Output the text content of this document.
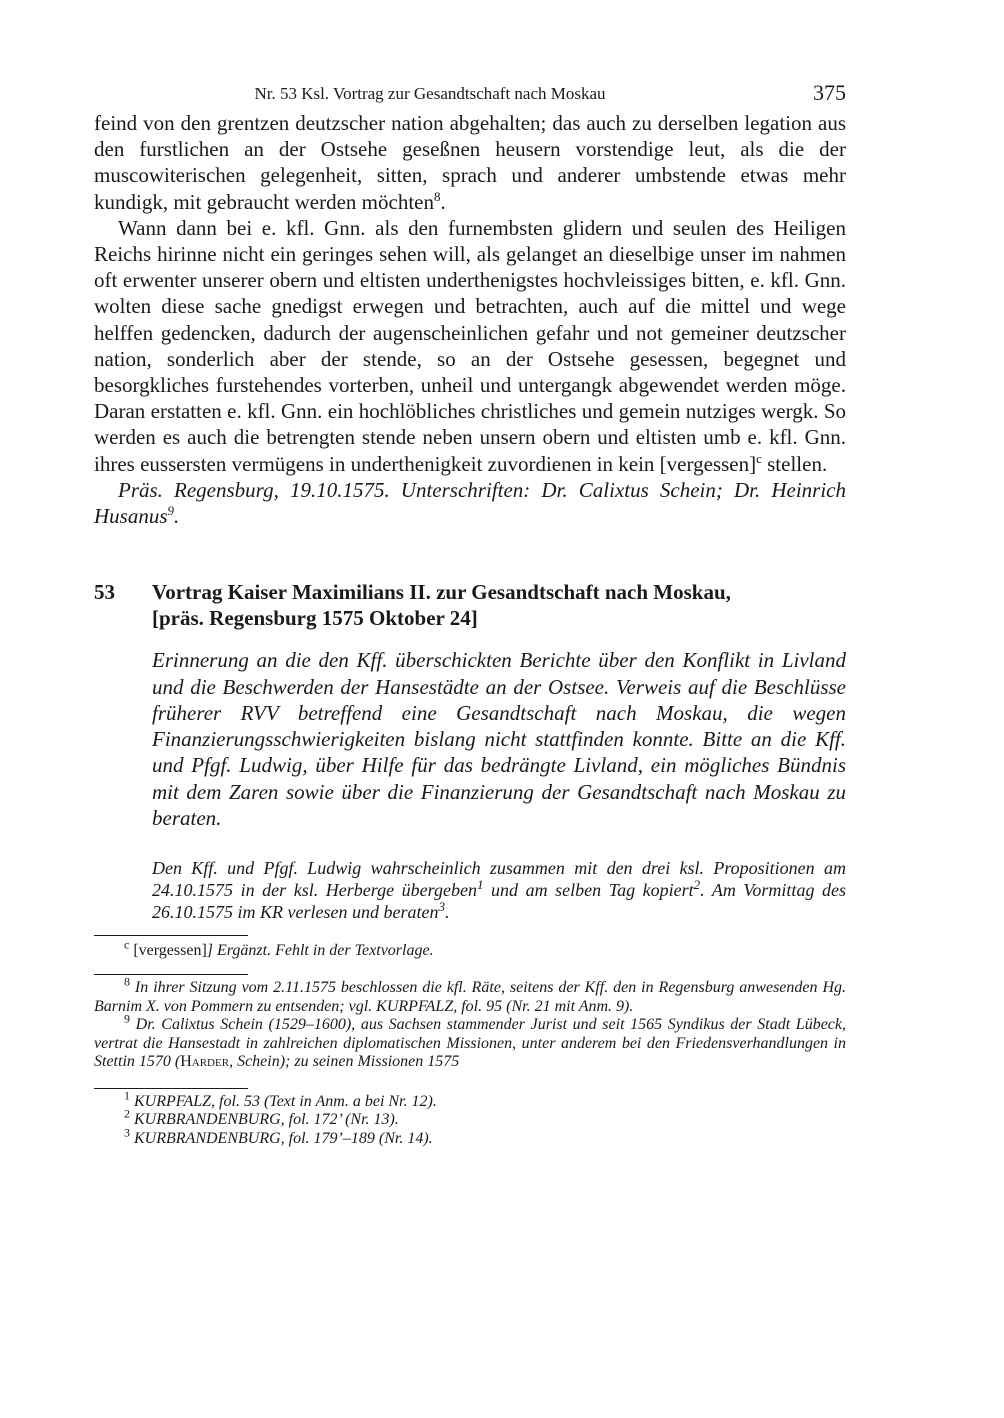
Nr. 53 Ksl. Vortrag zur Gesandtschaft nach Moskau	375

feind von den grentzen deutzscher nation abgehalten; das auch zu derselben legation aus den furstlichen an der Ostsehe geseßnen heusern vorstendige leut, als die der muscowiterischen gelegenheit, sitten, sprach und anderer umbstende etwas mehr kundigk, mit gebraucht werden möchten$^8$.

Wann dann bei e. kfl. Gnn. als den furnembsten glidern und seulen des Heiligen Reichs hirinne nicht ein geringes sehen will, als gelanget an dieselbige unser im nahmen oft erwenter unserer obern und eltisten underthenigstes hochvleissiges bitten, e. kfl. Gnn. wolten diese sache gnedigst erwegen und betrachten, auch auf die mittel und wege helffen gedencken, dadurch der augenscheinlichen gefahr und not gemeiner deutzscher nation, sonderlich aber der stende, so an der Ostsehe gesessen, begegnet und besorgkliches furstehendes vorterben, unheil und untergangk abgewendet werden möge. Daran erstatten e. kfl. Gnn. ein hochlöbliches christliches und gemein nutziges wergk. So werden es auch die betrengten stende neben unsern obern und eltisten umb e. kfl. Gnn. ihres eussersten vermügens in underthenigkeit zuvordienen in kein [vergessen]$^c$ stellen.

Präs. Regensburg, 19.10.1575. Unterschriften: Dr. Calixtus Schein; Dr. Heinrich Husanus$^9$.

53	Vortrag Kaiser Maximilians II. zur Gesandtschaft nach Moskau,
[präs. Regensburg 1575 Oktober 24]
Erinnerung an die den Kff. überschickten Berichte über den Konflikt in Livland und die Beschwerden der Hansestädte an der Ostsee. Verweis auf die Beschlüsse früherer RVV betreffend eine Gesandtschaft nach Moskau, die wegen Finanzierungsschwierigkeiten bislang nicht stattfinden konnte. Bitte an die Kff. und Pfgf. Ludwig, über Hilfe für das bedrängte Livland, ein mögliches Bündnis mit dem Zaren sowie über die Finanzierung der Gesandtschaft nach Moskau zu beraten.
Den Kff. und Pfgf. Ludwig wahrscheinlich zusammen mit den drei ksl. Propositionen am 24.10.1575 in der ksl. Herberge übergeben$^1$ und am selben Tag kopiert$^2$. Am Vormittag des 26.10.1575 im KR verlesen und beraten$^3$.

$^c$ [vergessen]] Ergänzt. Fehlt in der Textvorlage.

$^8$ In ihrer Sitzung vom 2.11.1575 beschlossen die kfl. Räte, seitens der Kff. den in Regensburg anwesenden Hg. Barnim X. von Pommern zu entsenden; vgl. KURPFALZ, fol. 95 (Nr. 21 mit Anm. 9).

$^9$ Dr. Calixtus Schein (1529–1600), aus Sachsen stammender Jurist und seit 1565 Syndikus der Stadt Lübeck, vertrat die Hansestadt in zahlreichen diplomatischen Missionen, unter anderem bei den Friedensverhandlungen in Stettin 1570 (Harder, Schein); zu seinen Missionen 1575

$^1$ KURPFALZ, fol. 53 (Text in Anm. a bei Nr. 12).

$^2$ KURBRANDENBURG, fol. 172’ (Nr. 13).

$^3$ KURBRANDENBURG, fol. 179’–189 (Nr. 14).
